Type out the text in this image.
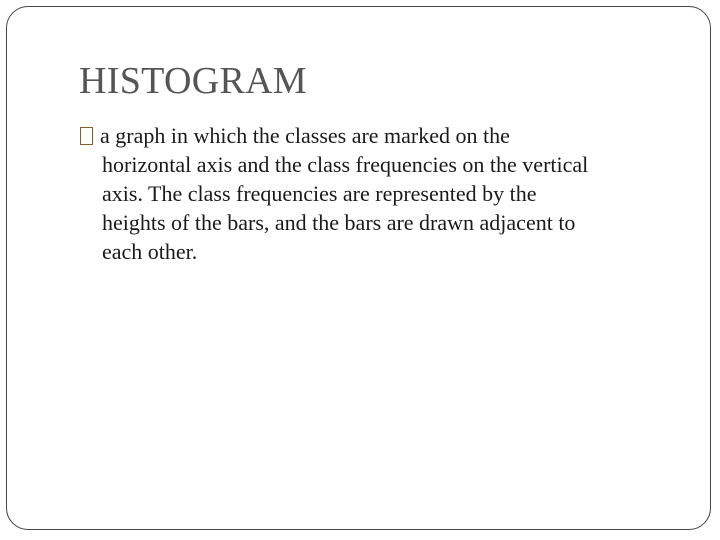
HISTOGRAM
a graph in which the classes are marked on the
horizontal axis and the class frequencies on the vertical
axis. The class frequencies are represented by the
heights of the bars, and the bars are drawn adjacent to
each other.
